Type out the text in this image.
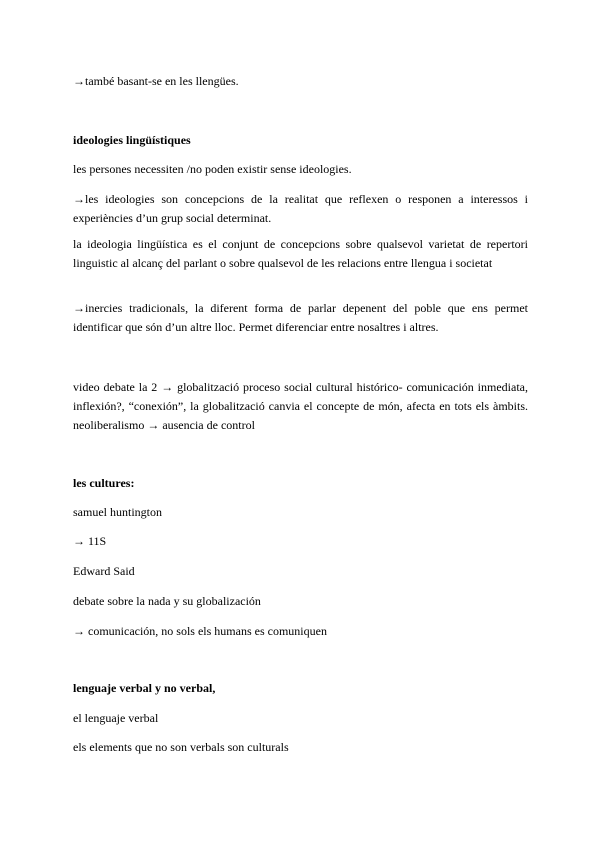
→també basant-se en les llengües.

ideologies lingüístiques

les persones necessiten /no poden existir sense ideologies.

→les ideologies son concepcions de la realitat que reflexen o responen a interessos i experiències d’un grup social determinat.

la ideologia lingüística es el conjunt de concepcions sobre qualsevol varietat de repertori linguistic al alcanç del parlant o sobre qualsevol de les relacions entre llengua i societat

→inercies tradicionals, la diferent forma de parlar depenent del poble que ens permet identificar que són d’un altre lloc. Permet diferenciar entre nosaltres i altres.

video debate la 2 → globalització proceso social cultural histórico- comunicación inmediata, inflexión?, “conexión”, la globalització canvia el concepte de món, afecta en tots els àmbits. neoliberalismo → ausencia de control

les cultures:

samuel huntington

→ 11S

Edward Said

debate sobre la nada y su globalización

→ comunicación, no sols els humans es comuniquen

lenguaje verbal y no verbal,

el lenguaje verbal

els elements que no son verbals son culturals
